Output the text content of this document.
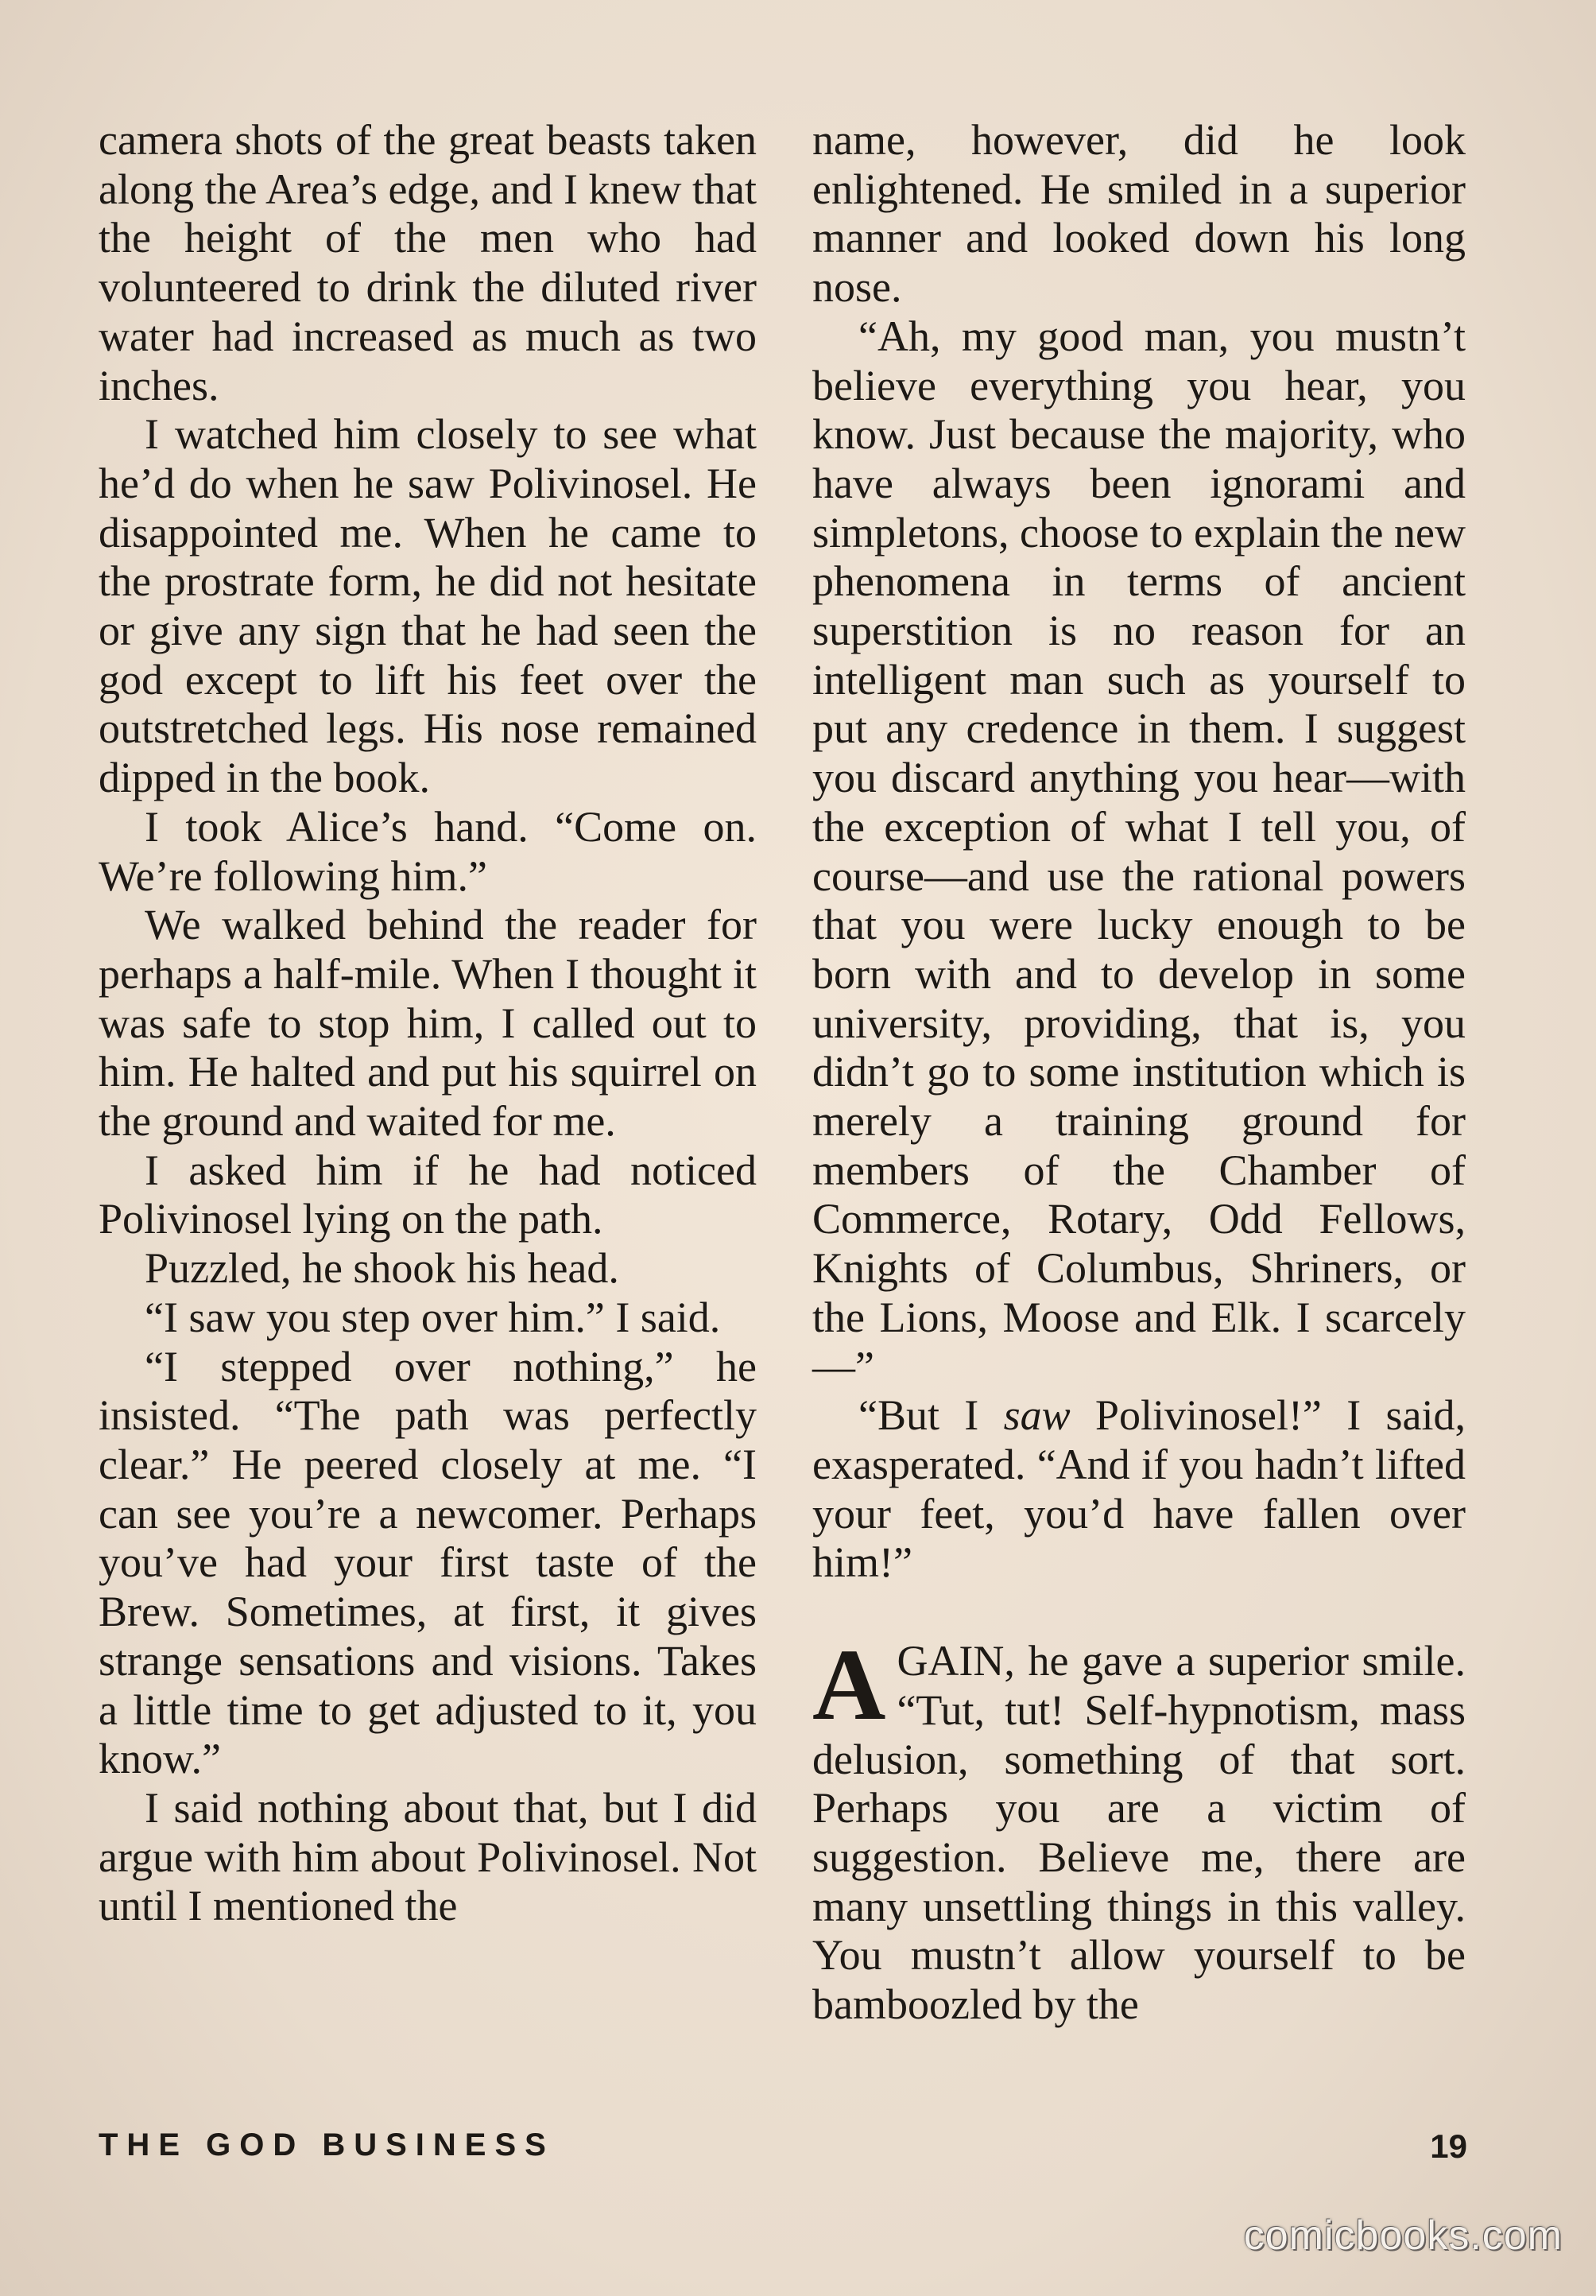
camera shots of the great beasts taken along the Area’s edge, and I knew that the height of the men who had volunteered to drink the diluted river water had increased as much as two inches.

I watched him closely to see what he’d do when he saw Polivinosel. He disappointed me. When he came to the prostrate form, he did not hesitate or give any sign that he had seen the god except to lift his feet over the outstretched legs. His nose remained dipped in the book.

I took Alice’s hand. “Come on. We’re following him.”

We walked behind the reader for perhaps a half-mile. When I thought it was safe to stop him, I called out to him. He halted and put his squirrel on the ground and waited for me.

I asked him if he had noticed Polivinosel lying on the path.

Puzzled, he shook his head.

“I saw you step over him.” I said.

“I stepped over nothing,” he insisted. “The path was perfectly clear.” He peered closely at me. “I can see you’re a newcomer. Perhaps you’ve had your first taste of the Brew. Sometimes, at first, it gives strange sensations and visions. Takes a little time to get adjusted to it, you know.”

I said nothing about that, but I did argue with him about Polivinosel. Not until I mentioned the

name, however, did he look enlightened. He smiled in a superior manner and looked down his long nose.

“Ah, my good man, you mustn’t believe everything you hear, you know. Just because the majority, who have always been ignorami and simpletons, choose to explain the new phenomena in terms of ancient superstition is no reason for an intelligent man such as yourself to put any credence in them. I suggest you discard anything you hear—with the exception of what I tell you, of course—and use the rational powers that you were lucky enough to be born with and to develop in some university, providing, that is, you didn’t go to some institution which is merely a training ground for members of the Chamber of Commerce, Rotary, Odd Fellows, Knights of Columbus, Shriners, or the Lions, Moose and Elk. I scarcely—”

“But I saw Polivinosel!” I said, exasperated. “And if you hadn’t lifted your feet, you’d have fallen over him!”

AGAIN, he gave a superior smile. “Tut, tut! Self-hypnotism, mass delusion, something of that sort. Perhaps you are a victim of suggestion. Believe me, there are many unsettling things in this valley. You mustn’t allow yourself to be bamboozled by the

THE GOD BUSINESS	19
comicbooks.com
